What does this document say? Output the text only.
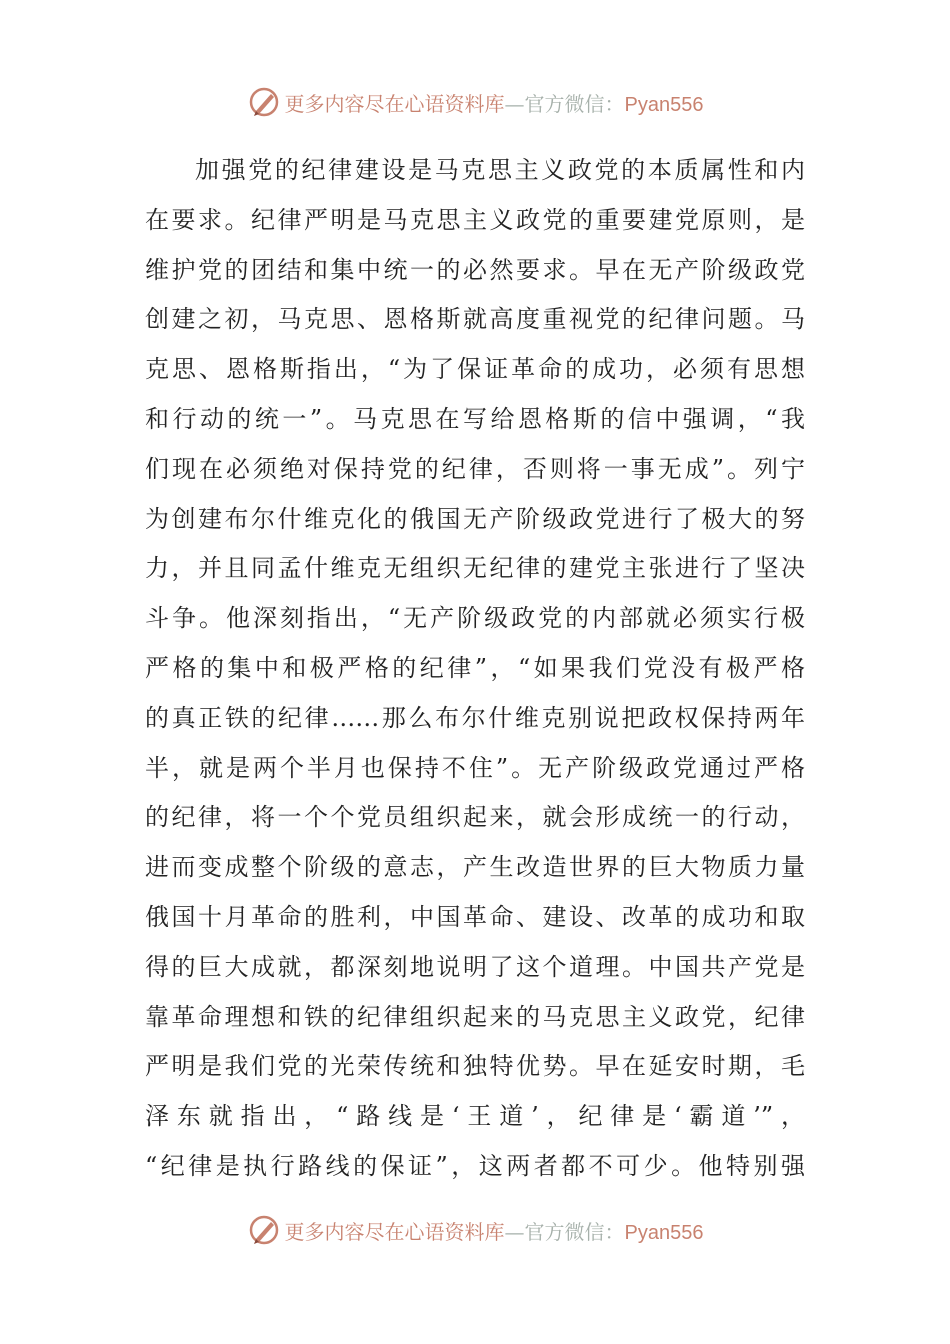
更多内容尽在心语资料库—官方微信：Pyan556
加强党的纪律建设是马克思主义政党的本质属性和内
在要求。纪律严明是马克思主义政党的重要建党原则，是
维护党的团结和集中统一的必然要求。早在无产阶级政党
创建之初，马克思、恩格斯就高度重视党的纪律问题。马
克思、恩格斯指出，“为了保证革命的成功，必须有思想
和行动的统一”。马克思在写给恩格斯的信中强调，“我
们现在必须绝对保持党的纪律，否则将一事无成”。列宁
为创建布尔什维克化的俄国无产阶级政党进行了极大的努
力，并且同孟什维克无组织无纪律的建党主张进行了坚决
斗争。他深刻指出，“无产阶级政党的内部就必须实行极
严格的集中和极严格的纪律”，“如果我们党没有极严格
的真正铁的纪律……那么布尔什维克别说把政权保持两年
半，就是两个半月也保持不住”。无产阶级政党通过严格
的纪律，将一个个党员组织起来，就会形成统一的行动，
进而变成整个阶级的意志，产生改造世界的巨大物质力量
俄国十月革命的胜利，中国革命、建设、改革的成功和取
得的巨大成就，都深刻地说明了这个道理。中国共产党是
靠革命理想和铁的纪律组织起来的马克思主义政党，纪律
严明是我们党的光荣传统和独特优势。早在延安时期，毛
泽东就指出，“路线是‘王道’，纪律是‘霸道’”，
“纪律是执行路线的保证”，这两者都不可少。他特别强
更多内容尽在心语资料库—官方微信：Pyan556
